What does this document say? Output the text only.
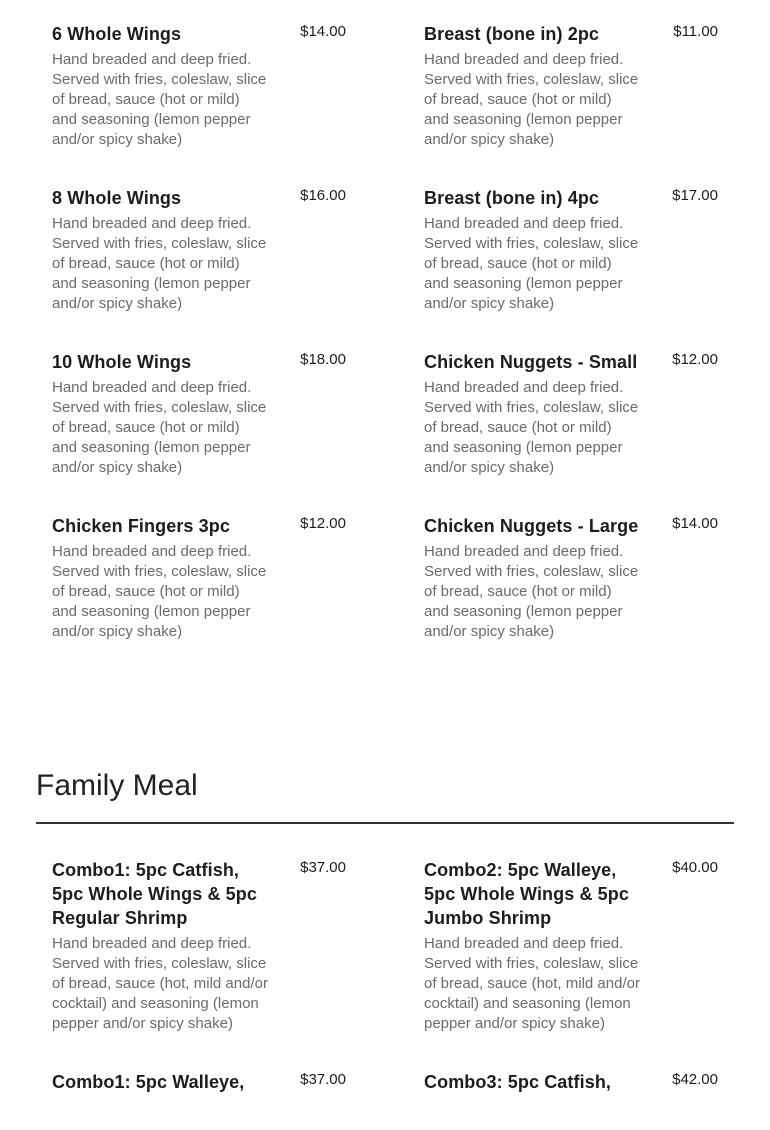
6 Whole Wings	$14.00
Hand breaded and deep fried. Served with fries, coleslaw, slice of bread, sauce (hot or mild) and seasoning (lemon pepper and/or spicy shake)
Breast (bone in) 2pc	$11.00
Hand breaded and deep fried. Served with fries, coleslaw, slice of bread, sauce (hot or mild) and seasoning (lemon pepper and/or spicy shake)
8 Whole Wings	$16.00
Hand breaded and deep fried. Served with fries, coleslaw, slice of bread, sauce (hot or mild) and seasoning (lemon pepper and/or spicy shake)
Breast (bone in) 4pc	$17.00
Hand breaded and deep fried. Served with fries, coleslaw, slice of bread, sauce (hot or mild) and seasoning (lemon pepper and/or spicy shake)
10 Whole Wings	$18.00
Hand breaded and deep fried. Served with fries, coleslaw, slice of bread, sauce (hot or mild) and seasoning (lemon pepper and/or spicy shake)
Chicken Nuggets - Small $12.00
Hand breaded and deep fried. Served with fries, coleslaw, slice of bread, sauce (hot or mild) and seasoning (lemon pepper and/or spicy shake)
Chicken Fingers 3pc	$12.00
Hand breaded and deep fried. Served with fries, coleslaw, slice of bread, sauce (hot or mild) and seasoning (lemon pepper and/or spicy shake)
Chicken Nuggets - Large $14.00
Hand breaded and deep fried. Served with fries, coleslaw, slice of bread, sauce (hot or mild) and seasoning (lemon pepper and/or spicy shake)
Family Meal
Combo1: 5pc Catfish, 5pc Whole Wings & 5pc Regular Shrimp
$37.00
Hand breaded and deep fried. Served with fries, coleslaw, slice of bread, sauce (hot, mild and/or cocktail) and seasoning (lemon pepper and/or spicy shake)
Combo2: 5pc Walleye, 5pc Whole Wings & 5pc Jumbo Shrimp
$40.00
Hand breaded and deep fried. Served with fries, coleslaw, slice of bread, sauce (hot, mild and/or cocktail) and seasoning (lemon pepper and/or spicy shake)
Combo1: 5pc Walleye,	$37.00	Combo3: 5pc Catfish,	$42.00
